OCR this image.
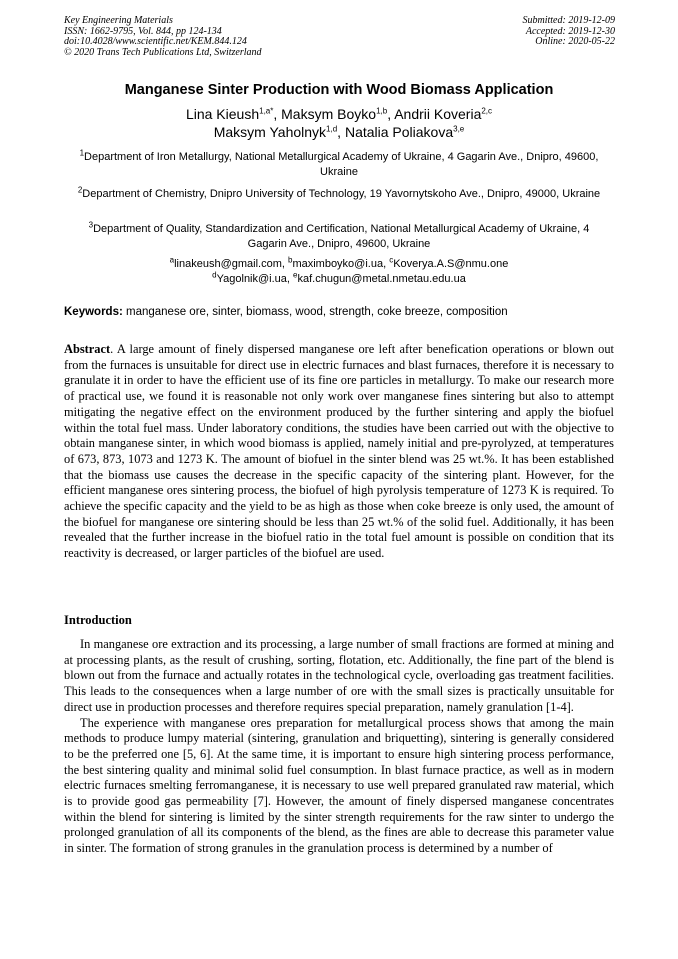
Key Engineering Materials
ISSN: 1662-9795, Vol. 844, pp 124-134
doi:10.4028/www.scientific.net/KEM.844.124
© 2020 Trans Tech Publications Ltd, Switzerland
Submitted: 2019-12-09
Accepted: 2019-12-30
Online: 2020-05-22
Manganese Sinter Production with Wood Biomass Application
Lina Kieush$^{1,a*}$, Maksym Boyko$^{1,b}$, Andrii Koveria$^{2,c}$
Maksym Yaholnyk$^{1,d}$, Natalia Poliakova$^{3,e}$
$^1$Department of Iron Metallurgy, National Metallurgical Academy of Ukraine, 4 Gagarin Ave., Dnipro, 49600, Ukraine
$^2$Department of Chemistry, Dnipro University of Technology, 19 Yavornytskoho Ave., Dnipro, 49000, Ukraine
$^3$Department of Quality, Standardization and Certification, National Metallurgical Academy of Ukraine, 4 Gagarin Ave., Dnipro, 49600, Ukraine
$^a$linakeush@gmail.com, $^b$maximboyko@i.ua, $^c$Koverya.A.S@nmu.one
$^d$Yagolnik@i.ua, $^e$kaf.chugun@metal.nmetau.edu.ua
Keywords: manganese ore, sinter, biomass, wood, strength, coke breeze, composition
Abstract. A large amount of finely dispersed manganese ore left after benefication operations or blown out from the furnaces is unsuitable for direct use in electric furnaces and blast furnaces, therefore it is necessary to granulate it in order to have the efficient use of its fine ore particles in metallurgy. To make our research more of practical use, we found it is reasonable not only work over manganese fines sintering but also to attempt mitigating the negative effect on the environment produced by the further sintering and apply the biofuel within the total fuel mass. Under laboratory conditions, the studies have been carried out with the objective to obtain manganese sinter, in which wood biomass is applied, namely initial and pre-pyrolyzed, at temperatures of 673, 873, 1073 and 1273 K. The amount of biofuel in the sinter blend was 25 wt.%. It has been established that the biomass use causes the decrease in the specific capacity of the sintering plant. However, for the efficient manganese ores sintering process, the biofuel of high pyrolysis temperature of 1273 K is required. To achieve the specific capacity and the yield to be as high as those when coke breeze is only used, the amount of the biofuel for manganese ore sintering should be less than 25 wt.% of the solid fuel. Additionally, it has been revealed that the further increase in the biofuel ratio in the total fuel amount is possible on condition that its reactivity is decreased, or larger particles of the biofuel are used.
Introduction

In manganese ore extraction and its processing, a large number of small fractions are formed at mining and at processing plants, as the result of crushing, sorting, flotation, etc. Additionally, the fine part of the blend is blown out from the furnace and actually rotates in the technological cycle, overloading gas treatment facilities. This leads to the consequences when a large number of ore with the small sizes is practically unsuitable for direct use in production processes and therefore requires special preparation, namely granulation [1-4].

The experience with manganese ores preparation for metallurgical process shows that among the main methods to produce lumpy material (sintering, granulation and briquetting), sintering is generally considered to be the preferred one [5, 6]. At the same time, it is important to ensure high sintering process performance, the best sintering quality and minimal solid fuel consumption. In blast furnace practice, as well as in modern electric furnaces smelting ferromanganese, it is necessary to use well prepared granulated raw material, which is to provide good gas permeability [7]. However, the amount of finely dispersed manganese concentrates within the blend for sintering is limited by the sinter strength requirements for the raw sinter to undergo the prolonged granulation of all its components of the blend, as the fines are able to decrease this parameter value in sinter. The formation of strong granules in the granulation process is determined by a number of
